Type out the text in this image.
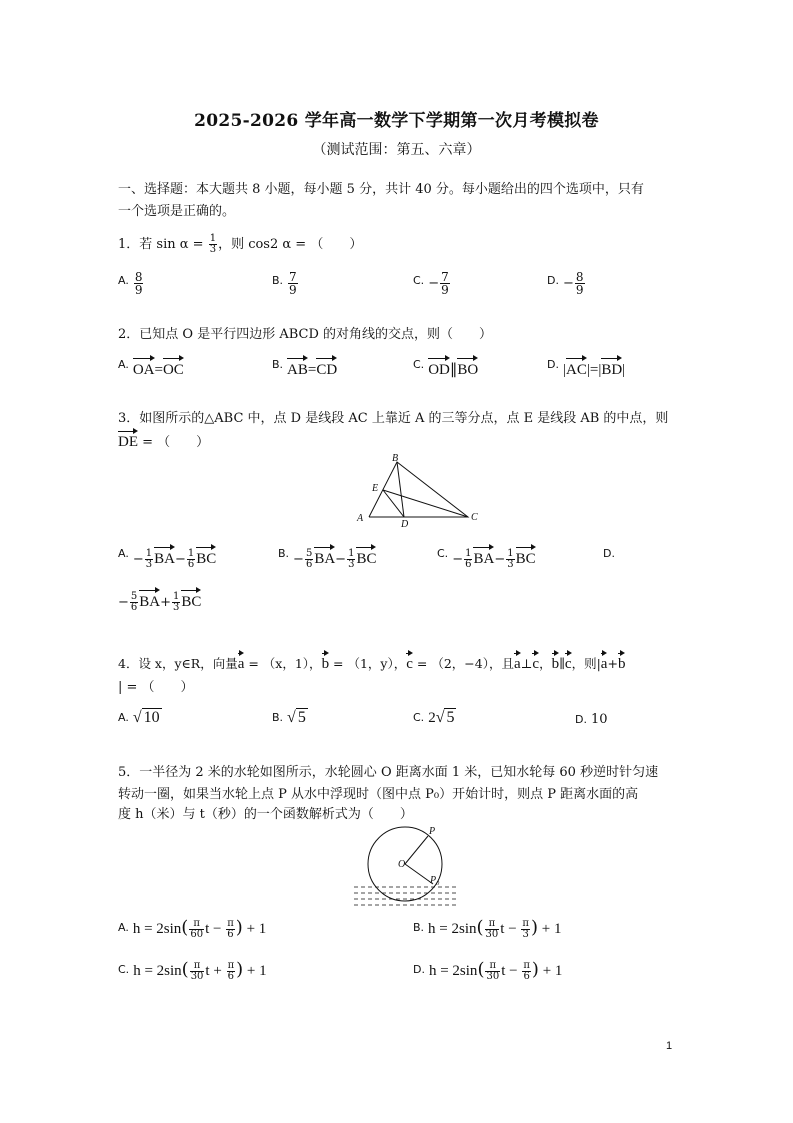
2025-2026 学年高一数学下学期第一次月考模拟卷
（测试范围：第五、六章）
一、选择题：本大题共 8 小题，每小题 5 分，共计 40 分。每小题给出的四个选项中，只有
一个选项是正确的。
1．若 $\sin \alpha = \frac{1}{3}$ ，则 cos2 α = （　　）
$^{A.} \frac{8}{9}$	$^{B.} \frac{7}{9}$	$^{C.} - \frac{7}{9}$	$^{D.} - \frac{8}{9}$
2．已知点 O 是平行四边形 ABCD 的对角线的交点，则（　　）
$^{A.}$ OA=OC	$^{B.}$ AB=CD	$^{C.}$ OD∥BO	$^{D.}$ |AC|=|BD|
3．如图所示的△ABC 中，点 D 是线段 AC 上靠近 A 的三等分点，点 E 是线段 AB 的中点，则
DE = （　　）
A
B
C
D
E
$^{A.} - \frac{1}{3} BA- \frac{1}{6}$ BC	$^{B.} - \frac{5}{6} BA- \frac{1}{3}$ BC	$^{C.} - \frac{1}{6} BA- \frac{1}{3}$ BC	$^{D.}$
− $\frac{5}{6} BA+ \frac{1}{3}$ BC
4．设 x，y∈R，向量a = （x，1），b = （1，y），c = （2，−4），且a⊥c，b∥c，则|a+b
| = （　　）
$^{A.}$ √ 10	$^{B.}$ √ 5	$^{C.}$ 2√ 5	$^{D.}$ 10
5．一半径为 2 米的水轮如图所示，水轮圆心 O 距离水面 1 米，已知水轮每 60 秒逆时针匀速
转动一圈，如果当水轮上点 P 从水中浮现时（图中点 P₀）开始计时，则点 P 距离水面的高
度 h（米）与 t（秒）的一个函数解析式为（　　）
O
P
P₀
$^{A.}$ $h = 2\sin( \frac{\pi}{60}$ $t - \frac{\pi}{6}$ ) + 1	$^{B.}$ $h = 2\sin( \frac{\pi}{30}$ $t - \frac{\pi}{3}$ ) + 1
$^{C.}$ $h = 2\sin( \frac{\pi}{30}$ $t + \frac{\pi}{6}$ ) + 1	$^{D.}$ $h = 2\sin( \frac{\pi}{30}$ $t - \frac{\pi}{6}$ ) + 1
1
